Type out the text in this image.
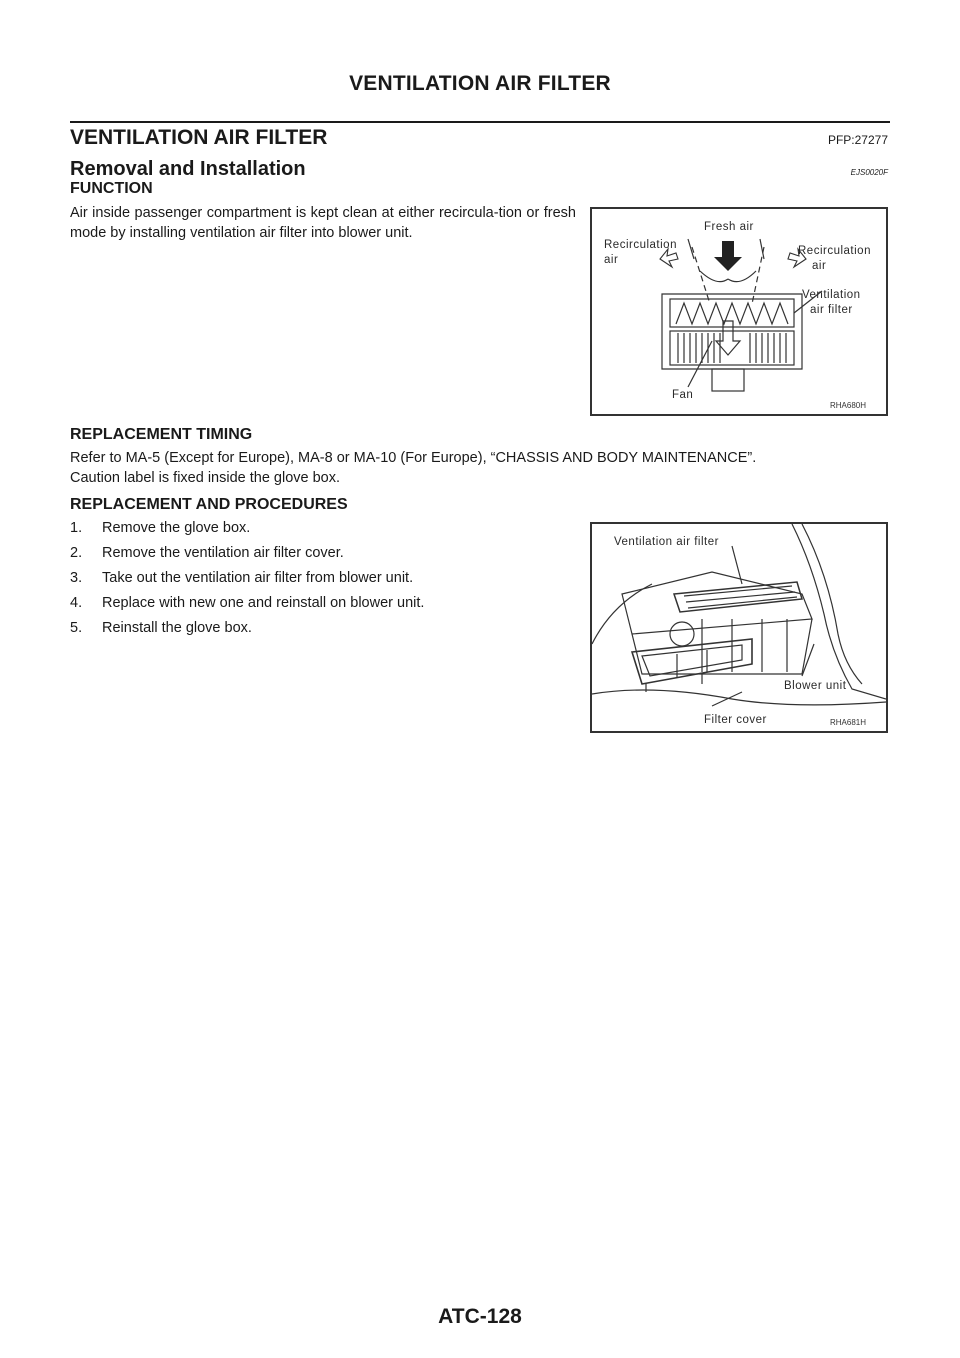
VENTILATION AIR FILTER
VENTILATION AIR FILTER	PFP:27277
Removal and Installation	EJS0020F
FUNCTION
Air inside passenger compartment is kept clean at either recircula-tion or fresh mode by installing ventilation air filter into blower unit.	Fresh air
Recirculation
air
Recirculation
air
Ventilation
air filter
Fan
RHA680H
REPLACEMENT TIMING
Refer to MA-5 (Except for Europe), MA-8 or MA-10 (For Europe), “CHASSIS AND BODY MAINTENANCE”.
Caution label is fixed inside the glove box.
REPLACEMENT AND PROCEDURES
1. Remove the glove box.
2. Remove the ventilation air filter cover.
3. Take out the ventilation air filter from blower unit.
4. Replace with new one and reinstall on blower unit.
5. Reinstall the glove box.
Ventilation air filter
Blower unit
Filter cover	RHA681H
ATC-128
